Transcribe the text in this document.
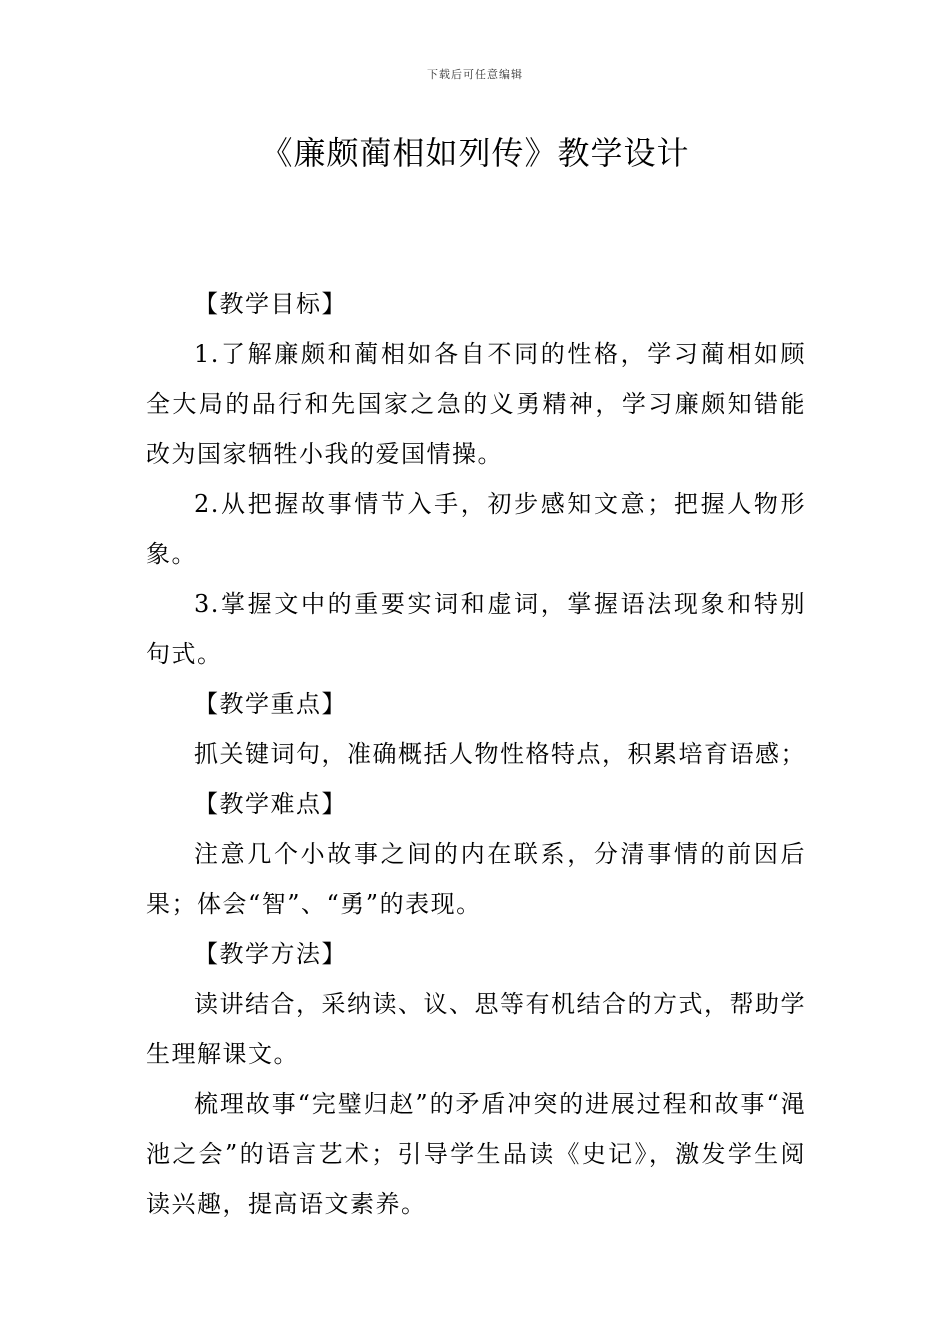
下载后可任意编辑
《廉颇蔺相如列传》教学设计

【教学目标】

1.了解廉颇和蔺相如各自不同的性格，学习蔺相如顾全大局的品行和先国家之急的义勇精神，学习廉颇知错能改为国家牺牲小我的爱国情操。

2.从把握故事情节入手，初步感知文意；把握人物形象。

3.掌握文中的重要实词和虚词，掌握语法现象和特别句式。

【教学重点】

抓关键词句，准确概括人物性格特点，积累培育语感；

【教学难点】

注意几个小故事之间的内在联系，分清事情的前因后果；体会“智”、“勇”的表现。

【教学方法】

读讲结合，采纳读、议、思等有机结合的方式，帮助学生理解课文。

梳理故事“完璧归赵”的矛盾冲突的进展过程和故事“渑池之会”的语言艺术；引导学生品读《史记》，激发学生阅读兴趣，提高语文素养。
